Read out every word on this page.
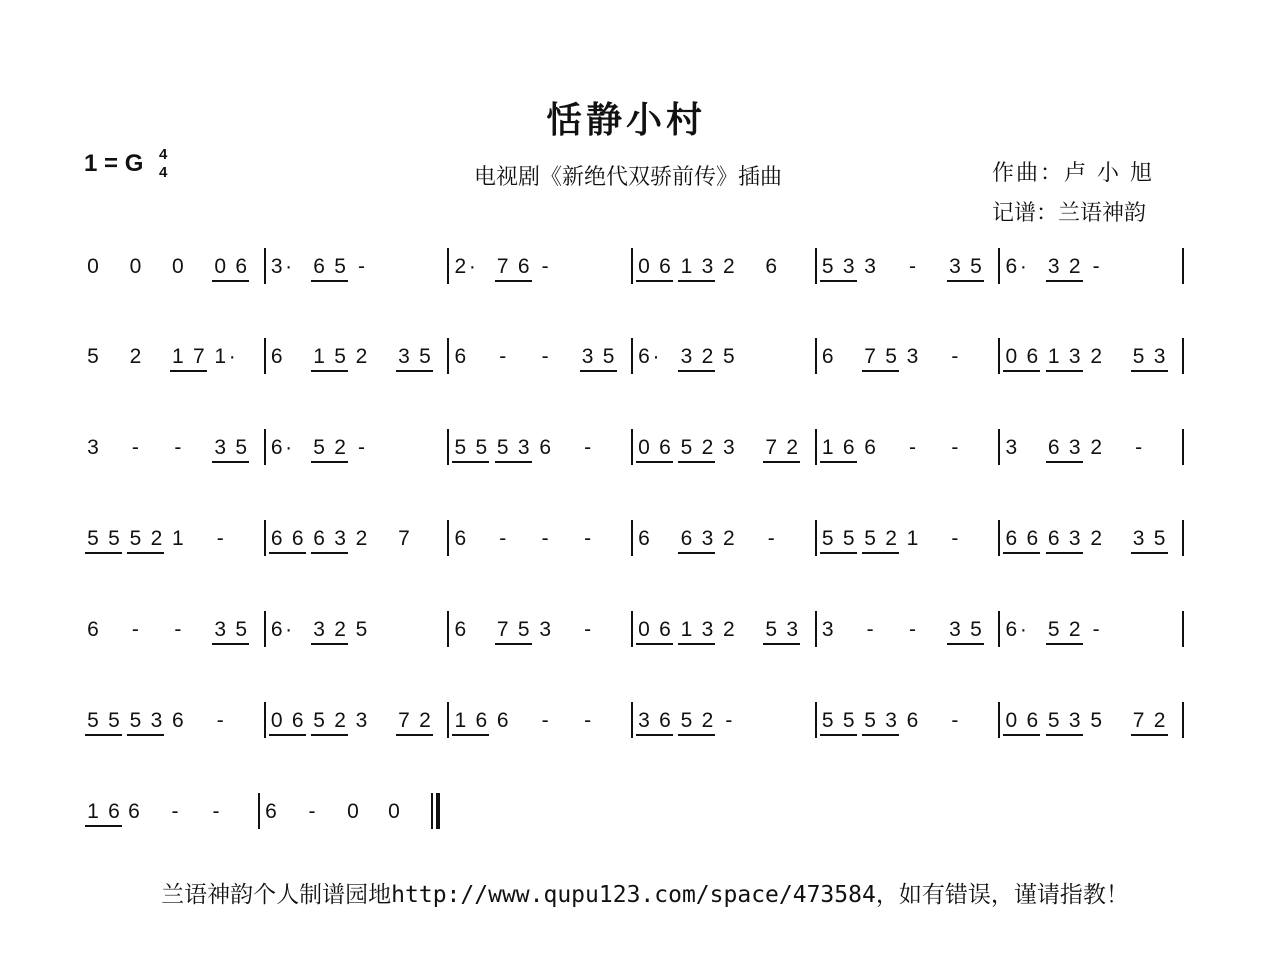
恬静小村
1 = G 4
4	电视剧《新绝代双骄前传》插曲	作曲：卢 小 旭
记谱：兰语神韵
0 0 0 0 6 3 · 6 5 -	2 · 7 6 -	0 6 1 3 2 6 5 3 3 - 3 5 6 · 3 2 -
5 2 1 7 1 · 6 1 5 2 3 5 6 - - 3 5 6 · 3 2 5	6 7 5 3 - 0 6 1 3 2 5 3
3 - - 3 5 6 · 5 2 -	5 5 5 3 6 - 0 6 5 2 3 7 2 1 6 6 - - 3 6 3 2 -
5 5 5 2 1 - 6 6 6 3 2 7 6 - - - 6 6 3 2 - 5 5 5 2 1 - 6 6 6 3 2 3 5
6 - - 3 5 6 · 3 2 5	6 7 5 3 - 0 6 1 3 2 5 3 3 - - 3 5 6 · 5 2 -
5 5 5 3 6 - 0 6 5 2 3 7 2 1 6 6 - - 3 6 5 2 -	5 5 5 3 6 - 0 6 5 3 5 7 2
1 6 6 - - 6 - 0 0
兰语神韵个人制谱园地http://www.qupu123.com/space/473584，如有错误，谨请指教！
